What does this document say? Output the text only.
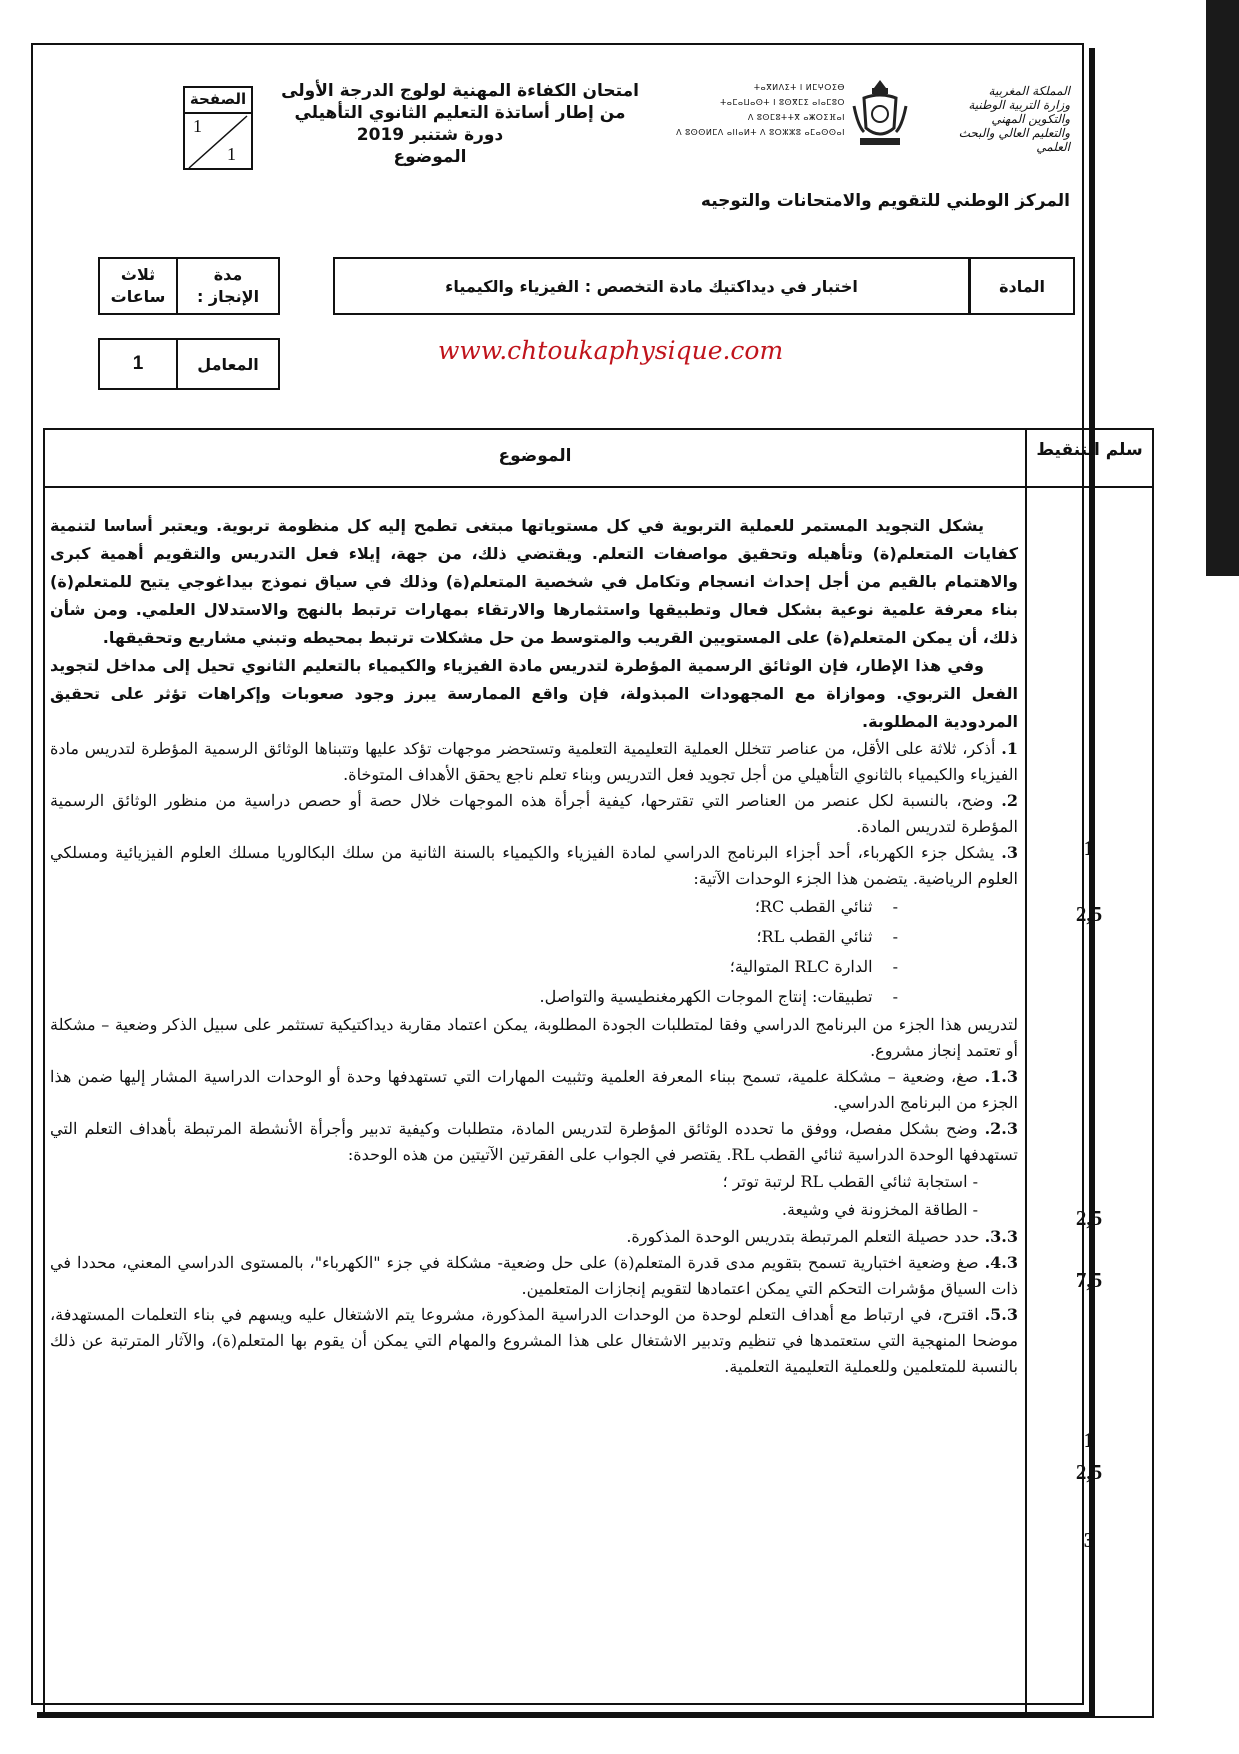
الصفحة
1
1
امتحان الكفاءة المهنية لولوج الدرجة الأولى
من إطار أساتذة التعليم الثانوي التأهيلي
دورة شتنبر 2019
الموضوع
ⵜⴰⴳⵍⴷⵉⵜ ⵏ ⵍⵎⵖⵔⵉⴱ
ⵜⴰⵎⴰⵡⴰⵙⵜ ⵏ ⵓⵙⴳⵎⵉ ⴰⵏⴰⵎⵓⵔ
ⴷ ⵓⵙⵎⵓⵜⵜⴳ ⴰⵥⵔⵉⴼⴰⵏ
ⴷ ⵓⵙⵙⵍⵎⴷ ⴰⵏⵏⴰⵍⵜ ⴷ ⵓⵔⵣⵣⵓ ⴰⵎⴰⵙⵙⴰⵏ
المملكة المغربية
وزارة التربية الوطنية
والتكوين المهني
والتعليم العالي والبحث العلمي
المركز الوطني للتقويم والامتحانات والتوجيه
ثلاث ساعات
مدة الإنجاز :
1	المعامل
اختبار في ديداكتيك مادة التخصص : الفيزياء والكيمياء	المادة
www.chtoukaphysique.com
سلم التنقيط
الموضوع

يشكل التجويد المستمر للعملية التربوية في كل مستوياتها مبتغى تطمح إليه كل منظومة تربوية. ويعتبر أساسا لتنمية كفايات المتعلم(ة) وتأهيله وتحقيق مواصفات التعلم. ويقتضي ذلك، من جهة، إيلاء فعل التدريس والتقويم أهمية كبرى والاهتمام بالقيم من أجل إحداث انسجام وتكامل في شخصية المتعلم(ة) وذلك في سياق نموذج بيداغوجي يتيح للمتعلم(ة) بناء معرفة علمية نوعية بشكل فعال وتطبيقها واستثمارها والارتقاء بمهارات ترتبط بالنهج والاستدلال العلمي. ومن شأن ذلك، أن يمكن المتعلم(ة) على المستويين القريب والمتوسط من حل مشكلات ترتبط بمحيطه وتبني مشاريع وتحقيقها.

وفي هذا الإطار، فإن الوثائق الرسمية المؤطرة لتدريس مادة الفيزياء والكيمياء بالتعليم الثانوي تحيل إلى مداخل لتجويد الفعل التربوي. وموازاة مع المجهودات المبذولة، فإن واقع الممارسة يبرز وجود صعوبات وإكراهات تؤثر على تحقيق المردودية المطلوبة.

1. أذكر، ثلاثة على الأقل، من عناصر تتخلل العملية التعليمية التعلمية وتستحضر موجهات تؤكد عليها وتتبناها الوثائق الرسمية المؤطرة لتدريس مادة الفيزياء والكيمياء بالثانوي التأهيلي من أجل تجويد فعل التدريس وبناء تعلم ناجع يحقق الأهداف المتوخاة.

2. وضح، بالنسبة لكل عنصر من العناصر التي تقترحها، كيفية أجرأة هذه الموجهات خلال حصة أو حصص دراسية من منظور الوثائق الرسمية المؤطرة لتدريس المادة.

3. يشكل جزء الكهرباء، أحد أجزاء البرنامج الدراسي لمادة الفيزياء والكيمياء بالسنة الثانية من سلك البكالوريا مسلك العلوم الفيزيائية ومسلكي العلوم الرياضية. يتضمن هذا الجزء الوحدات الآتية:

-ثنائي القطب RC؛
-ثنائي القطب RL؛
-الدارة RLC المتوالية؛
-تطبيقات: إنتاج الموجات الكهرمغنطيسية والتواصل.

لتدريس هذا الجزء من البرنامج الدراسي وفقا لمتطلبات الجودة المطلوبة، يمكن اعتماد مقاربة ديداكتيكية تستثمر على سبيل الذكر وضعية – مشكلة أو تعتمد إنجاز مشروع.

1.3. صغ، وضعية – مشكلة علمية، تسمح ببناء المعرفة العلمية وتثبيت المهارات التي تستهدفها وحدة أو الوحدات الدراسية المشار إليها ضمن هذا الجزء من البرنامج الدراسي.

2.3. وضح بشكل مفصل، ووفق ما تحدده الوثائق المؤطرة لتدريس المادة، متطلبات وكيفية تدبير وأجرأة الأنشطة المرتبطة بأهداف التعلم التي تستهدفها الوحدة الدراسية ثنائي القطب RL. يقتصر في الجواب على الفقرتين الآتيتين من هذه الوحدة:

- استجابة ثنائي القطب RL لرتبة توتر ؛
- الطاقة المخزونة في وشيعة.

3.3. حدد حصيلة التعلم المرتبطة بتدريس الوحدة المذكورة.

4.3. صغ وضعية اختبارية تسمح بتقويم مدى قدرة المتعلم(ة) على حل وضعية- مشكلة في جزء "الكهرباء"، بالمستوى الدراسي المعني، محددا في ذات السياق مؤشرات التحكم التي يمكن اعتمادها لتقويم إنجازات المتعلمين.

5.3. اقترح، في ارتباط مع أهداف التعلم لوحدة من الوحدات الدراسية المذكورة، مشروعا يتم الاشتغال عليه ويسهم في بناء التعلمات المستهدفة، موضحا المنهجية التي ستعتمدها في تنظيم وتدبير الاشتغال على هذا المشروع والمهام التي يمكن أن يقوم بها المتعلم(ة)، والآثار المترتبة عن ذلك بالنسبة للمتعلمين وللعملية التعليمية التعلمية.

1
2,5
2,5
7,5
1
2,5
3
